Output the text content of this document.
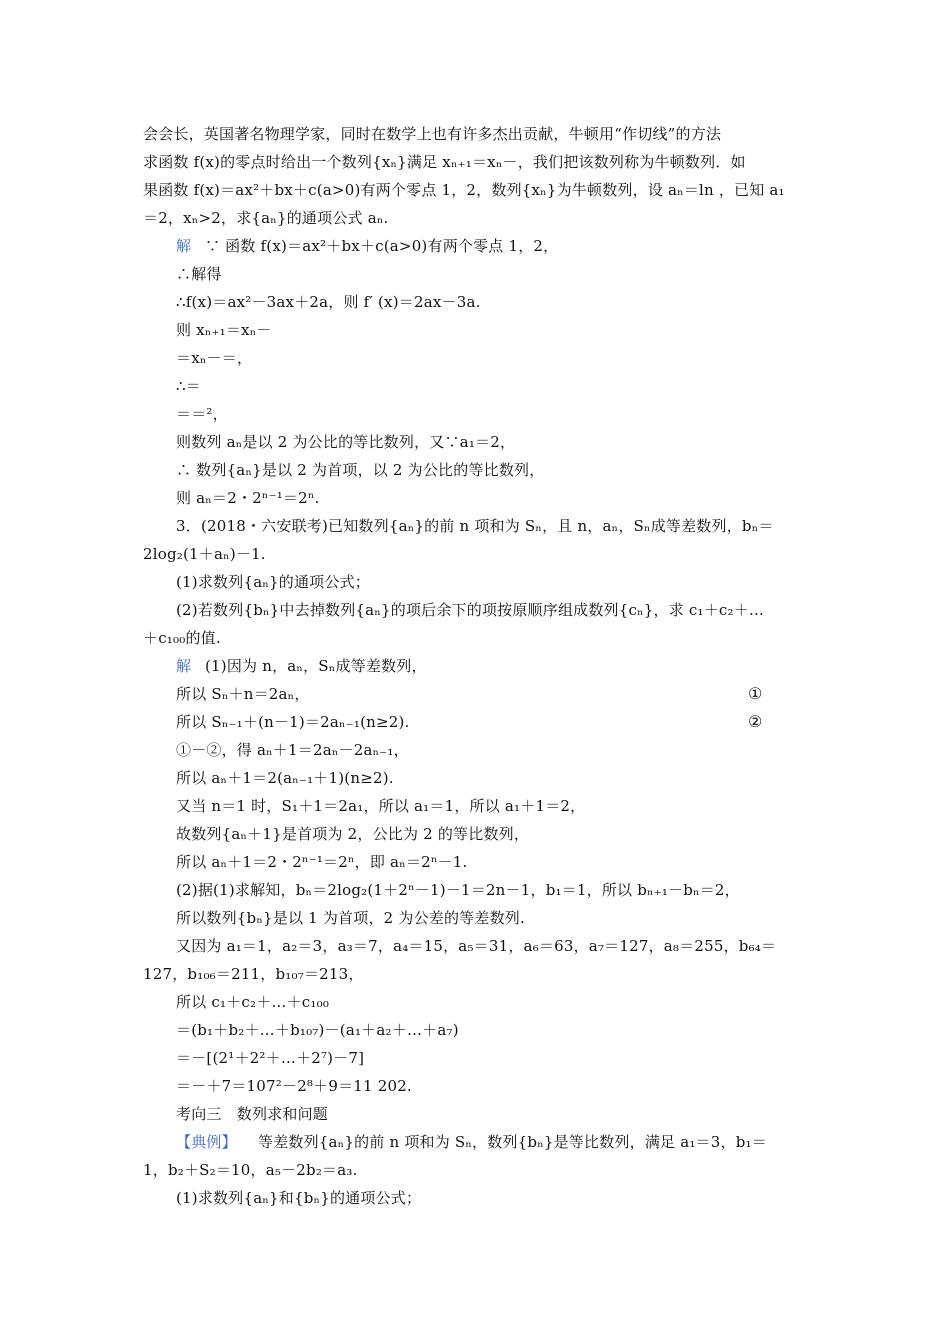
会会长，英国著名物理学家，同时在数学上也有许多杰出贡献，牛顿用“作切线”的方法
求函数 f(x)的零点时给出一个数列{xₙ}满足 xₙ₊₁＝xₙ－，我们把该数列称为牛顿数列．如
果函数 f(x)＝ax²＋bx＋c(a>0)有两个零点 1，2，数列{xₙ}为牛顿数列，设 aₙ＝ln ，已知 a₁
＝2，xₙ>2，求{aₙ}的通项公式 aₙ.
解 ∵ 函数 f(x)＝ax²＋bx＋c(a>0)有两个零点 1，2，
∴解得
∴f(x)＝ax²－3ax＋2a，则 f′ (x)＝2ax－3a.
则 xₙ₊₁＝xₙ－
＝xₙ－＝，
∴＝
＝＝²，
则数列 aₙ是以 2 为公比的等比数列，又∵a₁＝2，
∴ 数列{aₙ}是以 2 为首项，以 2 为公比的等比数列，
则 aₙ＝2・2ⁿ⁻¹＝2ⁿ.
3．(2018・六安联考)已知数列{aₙ}的前 n 项和为 Sₙ，且 n，aₙ，Sₙ成等差数列，bₙ＝
2log₂(1＋aₙ)－1.
(1)求数列{aₙ}的通项公式；
(2)若数列{bₙ}中去掉数列{aₙ}的项后余下的项按原顺序组成数列{cₙ}，求 c₁＋c₂＋…
＋c₁₀₀的值.
解 (1)因为 n，aₙ，Sₙ成等差数列，
所以 Sₙ＋n＝2aₙ，	①
所以 Sₙ₋₁＋(n－1)＝2aₙ₋₁(n≥2).	②
①－②，得 aₙ＋1＝2aₙ－2aₙ₋₁，
所以 aₙ＋1＝2(aₙ₋₁＋1)(n≥2).
又当 n＝1 时，S₁＋1＝2a₁，所以 a₁＝1，所以 a₁＋1＝2，
故数列{aₙ＋1}是首项为 2，公比为 2 的等比数列，
所以 aₙ＋1＝2・2ⁿ⁻¹＝2ⁿ，即 aₙ＝2ⁿ－1.
(2)据(1)求解知，bₙ＝2log₂(1＋2ⁿ－1)－1＝2n－1，b₁＝1，所以 bₙ₊₁－bₙ＝2，
所以数列{bₙ}是以 1 为首项，2 为公差的等差数列.
又因为 a₁＝1，a₂＝3，a₃＝7，a₄＝15，a₅＝31，a₆＝63，a₇＝127，a₈＝255，b₆₄＝
127，b₁₀₆＝211，b₁₀₇＝213，
所以 c₁＋c₂＋…＋c₁₀₀
＝(b₁＋b₂＋…＋b₁₀₇)－(a₁＋a₂＋…＋a₇)
＝－[(2¹＋2²＋…＋2⁷)－7]
＝－＋7＝107²－2⁸＋9＝11 202.
考向三　数列求和问题
【典例】 等差数列{aₙ}的前 n 项和为 Sₙ，数列{bₙ}是等比数列，满足 a₁＝3，b₁＝
1，b₂＋S₂＝10，a₅－2b₂＝a₃.
(1)求数列{aₙ}和{bₙ}的通项公式；
